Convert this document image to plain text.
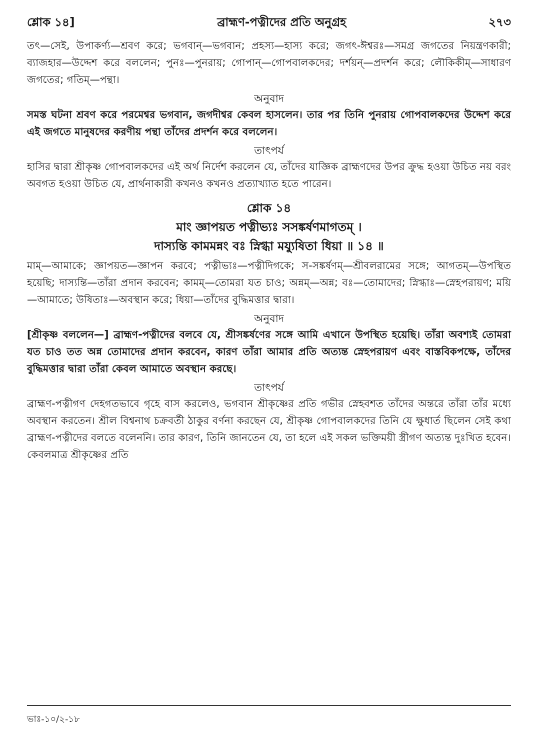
শ্লোক ১৪]	ব্রাহ্মণ-পত্নীদের প্রতি অনুগ্রহ	২৭৩

তৎ—সেই, উপাকর্ণ্য—শ্রবণ করে; ভগবান্—ভগবান; প্রহস্য—হাস্য করে; জগৎ-ঈশ্বরঃ—সমগ্র জগতের নিয়ন্ত্রণকারী; ব্যাজহার—উদ্দেশ করে বললেন; পুনঃ—পুনরায়; গোপান্—গোপবালকদের; দর্শয়ন্—প্রদর্শন করে; লৌকিকীম্—সাধারণ জগতের; গতিম্—পন্থা।

অনুবাদ

সমস্ত ঘটনা শ্রবণ করে পরমেশ্বর ভগবান, জগদীশ্বর কেবল হাসলেন। তার পর তিনি পুনরায় গোপবালকদের উদ্দেশ করে এই জগতে মানুষদের করণীয় পন্থা তাঁদের প্রদর্শন করে বললেন।

তাৎপর্য

হাসির দ্বারা শ্রীকৃষ্ণ গোপবালকদের এই অর্থ নির্দেশ করলেন যে, তাঁদের যাজ্ঞিক ব্রাহ্মণদের উপর ক্রুদ্ধ হওয়া উচিত নয় বরং অবগত হওয়া উচিত যে, প্রার্থনাকারী কখনও কখনও প্রত্যাখ্যাত হতে পারেন।

শ্লোক ১৪

মাং জ্ঞাপয়ত পত্নীভ্যঃ সসঙ্কর্ষণমাগতম্ ।

দাস্যন্তি কামমন্নং বঃ স্নিগ্ধা ময্যুষিতা ধিয়া ॥ ১৪ ॥

মাম্—আমাকে; জ্ঞাপয়ত—জ্ঞাপন করবে; পত্নীভ্যঃ—পত্নীদিগকে; স-সঙ্কর্ষণম্—শ্রীবলরামের সঙ্গে; আগতম্—উপস্থিত হয়েছি; দাস্যন্তি—তাঁরা প্রদান করবেন; কামম্—তোমরা যত চাও; অন্নম্—অন্ন; বঃ—তোমাদের; স্নিগ্ধাঃ—স্নেহপরায়ণ; ময়ি—আমাতে; উষিতাঃ—অবস্থান করে; ধিয়া—তাঁদের বুদ্ধিমত্তার দ্বারা।

অনুবাদ

[শ্রীকৃষ্ণ বললেন—] ব্রাহ্মণ-পত্নীদের বলবে যে, শ্রীসঙ্কর্ষণের সঙ্গে আমি এখানে উপস্থিত হয়েছি। তাঁরা অবশ্যই তোমরা যত চাও তত অন্ন তোমাদের প্রদান করবেন, কারণ তাঁরা আমার প্রতি অত্যন্ত স্নেহপরায়ণ এবং বাস্তবিকপক্ষে, তাঁদের বুদ্ধিমত্তার দ্বারা তাঁরা কেবল আমাতে অবস্থান করছে।

তাৎপর্য

ব্রাহ্মণ-পত্নীগণ দেহগতভাবে গৃহে বাস করলেও, ভগবান শ্রীকৃষ্ণের প্রতি গভীর স্নেহবশত তাঁদের অন্তরে তাঁরা তাঁর মধ্যে অবস্থান করতেন। শ্রীল বিশ্বনাথ চক্রবর্তী ঠাকুর বর্ণনা করছেন যে, শ্রীকৃষ্ণ গোপবালকদের তিনি যে ক্ষুধার্ত ছিলেন সেই কথা ব্রাহ্মণ-পত্নীদের বলতে বলেননি। তার কারণ, তিনি জানতেন যে, তা হলে এই সকল ভক্তিময়ী স্ত্রীগণ অত্যন্ত দুঃখিত হবেন। কেবলমাত্র শ্রীকৃষ্ণের প্রতি

ভাঃ-১০/২-১৮
